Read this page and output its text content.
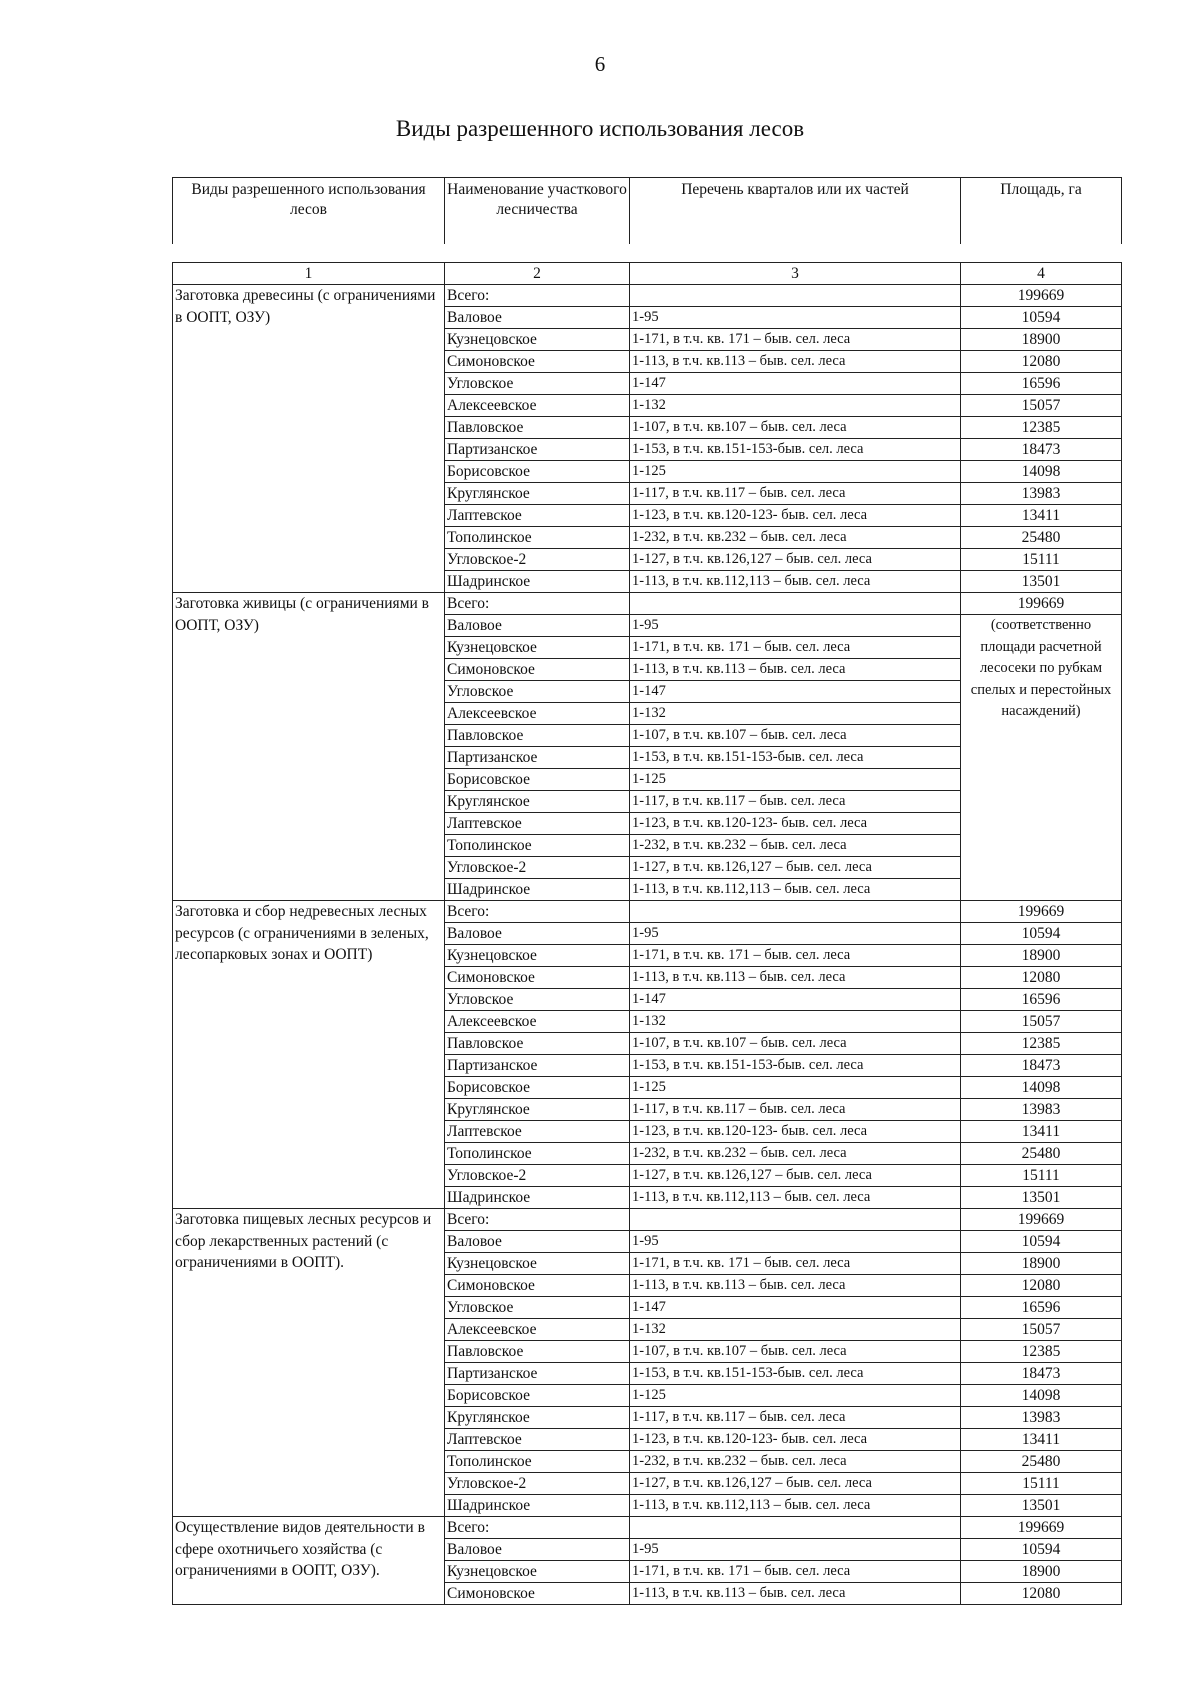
6
Виды разрешенного использования лесов
Виды разрешенного использования лесов	Наименование участкового лесничества	Перечень кварталов или их частей	Площадь, га
1	2	3	4
Заготовка древесины (с ограничениями в ООПТ, ОЗУ)	Всего:		199669
	Валовое	1-95	10594
	Кузнецовское	1-171, в т.ч. кв. 171 – быв. сел. леса	18900
	Симоновское	1-113, в т.ч. кв.113 – быв. сел. леса	12080
	Угловское	1-147	16596
	Алексеевское	1-132	15057
	Павловское	1-107, в т.ч. кв.107 – быв. сел. леса	12385
	Партизанское	1-153, в т.ч. кв.151-153-быв. сел. леса	18473
	Борисовское	1-125	14098
	Круглянское	1-117, в т.ч. кв.117 – быв. сел. леса	13983
	Лаптевское	1-123, в т.ч. кв.120-123- быв. сел. леса	13411
	Тополинское	1-232, в т.ч. кв.232 – быв. сел. леса	25480
	Угловское-2	1-127, в т.ч. кв.126,127 – быв. сел. леса	15111
	Шадринское	1-113, в т.ч. кв.112,113 – быв. сел. леса	13501
Заготовка живицы (с ограничениями в ООПТ, ОЗУ)	Всего:		199669
	Валовое	1-95	(соответственно площади расчетной лесосеки по рубкам спелых и перестойных насаждений)
	Кузнецовское	1-171, в т.ч. кв. 171 – быв. сел. леса	
	Симоновское	1-113, в т.ч. кв.113 – быв. сел. леса	
	Угловское	1-147	
	Алексеевское	1-132	
	Павловское	1-107, в т.ч. кв.107 – быв. сел. леса	
	Партизанское	1-153, в т.ч. кв.151-153-быв. сел. леса	
	Борисовское	1-125	
	Круглянское	1-117, в т.ч. кв.117 – быв. сел. леса	
	Лаптевское	1-123, в т.ч. кв.120-123- быв. сел. леса	
	Тополинское	1-232, в т.ч. кв.232 – быв. сел. леса	
	Угловское-2	1-127, в т.ч. кв.126,127 – быв. сел. леса	
	Шадринское	1-113, в т.ч. кв.112,113 – быв. сел. леса	
Заготовка и сбор недревесных лесных ресурсов (с ограничениями в зеленых, лесопарковых зонах и ООПТ)	Всего:		199669
	Валовое	1-95	10594
	Кузнецовское	1-171, в т.ч. кв. 171 – быв. сел. леса	18900
	Симоновское	1-113, в т.ч. кв.113 – быв. сел. леса	12080
	Угловское	1-147	16596
	Алексеевское	1-132	15057
	Павловское	1-107, в т.ч. кв.107 – быв. сел. леса	12385
	Партизанское	1-153, в т.ч. кв.151-153-быв. сел. леса	18473
	Борисовское	1-125	14098
	Круглянское	1-117, в т.ч. кв.117 – быв. сел. леса	13983
	Лаптевское	1-123, в т.ч. кв.120-123- быв. сел. леса	13411
	Тополинское	1-232, в т.ч. кв.232 – быв. сел. леса	25480
	Угловское-2	1-127, в т.ч. кв.126,127 – быв. сел. леса	15111
	Шадринское	1-113, в т.ч. кв.112,113 – быв. сел. леса	13501
Заготовка пищевых лесных ресурсов и сбор лекарственных растений (с ограничениями в ООПТ).	Всего:		199669
	Валовое	1-95	10594
	Кузнецовское	1-171, в т.ч. кв. 171 – быв. сел. леса	18900
	Симоновское	1-113, в т.ч. кв.113 – быв. сел. леса	12080
	Угловское	1-147	16596
	Алексеевское	1-132	15057
	Павловское	1-107, в т.ч. кв.107 – быв. сел. леса	12385
	Партизанское	1-153, в т.ч. кв.151-153-быв. сел. леса	18473
	Борисовское	1-125	14098
	Круглянское	1-117, в т.ч. кв.117 – быв. сел. леса	13983
	Лаптевское	1-123, в т.ч. кв.120-123- быв. сел. леса	13411
	Тополинское	1-232, в т.ч. кв.232 – быв. сел. леса	25480
	Угловское-2	1-127, в т.ч. кв.126,127 – быв. сел. леса	15111
	Шадринское	1-113, в т.ч. кв.112,113 – быв. сел. леса	13501
Осуществление видов деятельности в сфере охотничьего хозяйства (с ограничениями в ООПТ, ОЗУ).	Всего:		199669
	Валовое	1-95	10594
	Кузнецовское	1-171, в т.ч. кв. 171 – быв. сел. леса	18900
	Симоновское	1-113, в т.ч. кв.113 – быв. сел. леса	12080
